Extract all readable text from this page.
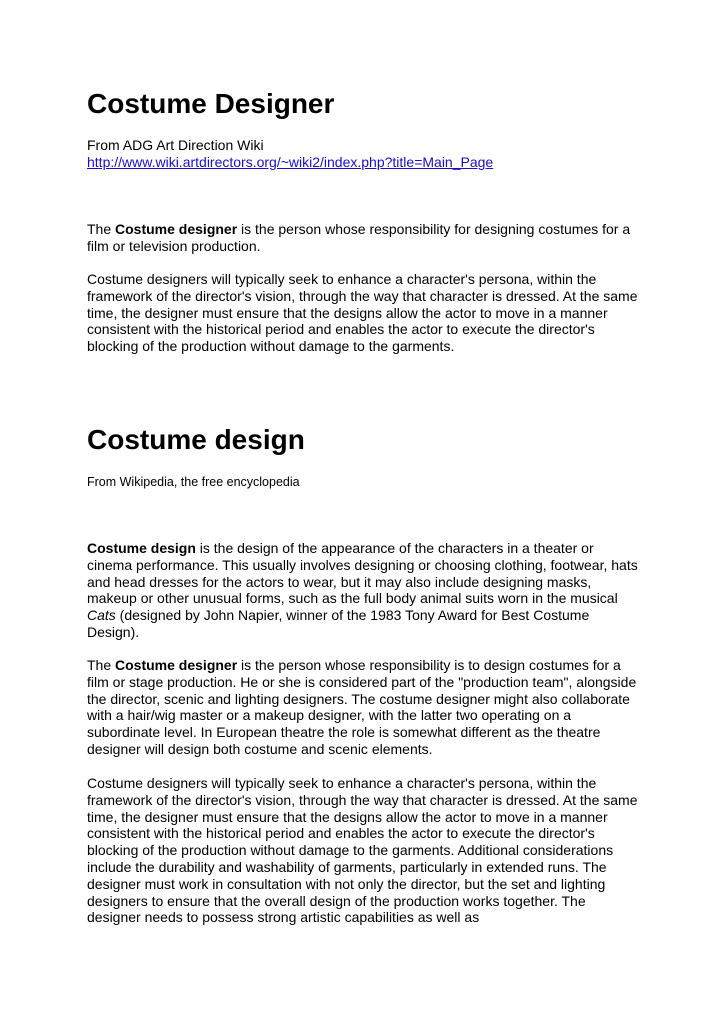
Costume Designer
From ADG Art Direction Wiki
http://www.wiki.artdirectors.org/~wiki2/index.php?title=Main_Page

The Costume designer is the person whose responsibility for designing costumes for a film or television production.

Costume designers will typically seek to enhance a character's persona, within the framework of the director's vision, through the way that character is dressed. At the same time, the designer must ensure that the designs allow the actor to move in a manner consistent with the historical period and enables the actor to execute the director's blocking of the production without damage to the garments.

Costume design
From Wikipedia, the free encyclopedia

Costume design is the design of the appearance of the characters in a theater or cinema performance. This usually involves designing or choosing clothing, footwear, hats and head dresses for the actors to wear, but it may also include designing masks, makeup or other unusual forms, such as the full body animal suits worn in the musical Cats (designed by John Napier, winner of the 1983 Tony Award for Best Costume Design).

The Costume designer is the person whose responsibility is to design costumes for a film or stage production. He or she is considered part of the "production team", alongside the director, scenic and lighting designers. The costume designer might also collaborate with a hair/wig master or a makeup designer, with the latter two operating on a subordinate level. In European theatre the role is somewhat different as the theatre designer will design both costume and scenic elements.

Costume designers will typically seek to enhance a character's persona, within the framework of the director's vision, through the way that character is dressed. At the same time, the designer must ensure that the designs allow the actor to move in a manner consistent with the historical period and enables the actor to execute the director's blocking of the production without damage to the garments. Additional considerations include the durability and washability of garments, particularly in extended runs. The designer must work in consultation with not only the director, but the set and lighting designers to ensure that the overall design of the production works together. The designer needs to possess strong artistic capabilities as well as
